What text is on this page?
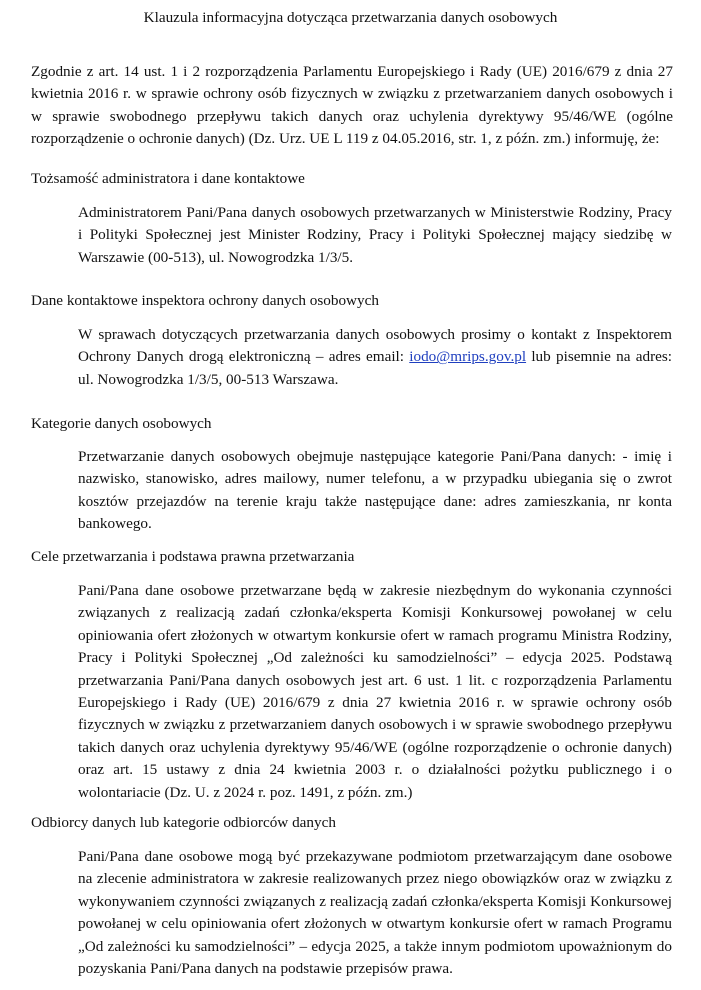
Klauzula informacyjna dotycząca przetwarzania danych osobowych
Zgodnie z art. 14 ust. 1 i 2 rozporządzenia Parlamentu Europejskiego i Rady (UE) 2016/679 z dnia 27 kwietnia 2016 r. w sprawie ochrony osób fizycznych w związku z przetwarzaniem danych osobowych i w sprawie swobodnego przepływu takich danych oraz uchylenia dyrektywy 95/46/WE (ogólne rozporządzenie o ochronie danych) (Dz. Urz. UE L 119 z 04.05.2016, str. 1, z późn. zm.) informuję, że:
Tożsamość administratora i dane kontaktowe
Administratorem Pani/Pana danych osobowych przetwarzanych w Ministerstwie Rodziny, Pracy i Polityki Społecznej jest Minister Rodziny, Pracy i Polityki Społecznej mający siedzibę w Warszawie (00-513), ul. Nowogrodzka 1/3/5.
Dane kontaktowe inspektora ochrony danych osobowych
W sprawach dotyczących przetwarzania danych osobowych prosimy o kontakt z Inspektorem Ochrony Danych drogą elektroniczną – adres email: iodo@mrips.gov.pl lub pisemnie na adres: ul. Nowogrodzka 1/3/5, 00-513 Warszawa.
Kategorie danych osobowych
Przetwarzanie danych osobowych obejmuje następujące kategorie Pani/Pana danych: - imię i nazwisko, stanowisko, adres mailowy, numer telefonu, a w przypadku ubiegania się o zwrot kosztów przejazdów na terenie kraju także następujące dane: adres zamieszkania, nr konta bankowego.
Cele przetwarzania i podstawa prawna przetwarzania
Pani/Pana dane osobowe przetwarzane będą w zakresie niezbędnym do wykonania czynności związanych z realizacją zadań członka/eksperta Komisji Konkursowej powołanej w celu opiniowania ofert złożonych w otwartym konkursie ofert w ramach programu Ministra Rodziny, Pracy i Polityki Społecznej „Od zależności ku samodzielności” – edycja 2025. Podstawą przetwarzania Pani/Pana danych osobowych jest art. 6 ust. 1 lit. c rozporządzenia Parlamentu Europejskiego i Rady (UE) 2016/679 z dnia 27 kwietnia 2016 r. w sprawie ochrony osób fizycznych w związku z przetwarzaniem danych osobowych i w sprawie swobodnego przepływu takich danych oraz uchylenia dyrektywy 95/46/WE (ogólne rozporządzenie o ochronie danych) oraz art. 15 ustawy z dnia 24 kwietnia 2003 r. o działalności pożytku publicznego i o wolontariacie (Dz. U. z 2024 r. poz. 1491, z późn. zm.)
Odbiorcy danych lub kategorie odbiorców danych
Pani/Pana dane osobowe mogą być przekazywane podmiotom przetwarzającym dane osobowe na zlecenie administratora w zakresie realizowanych przez niego obowiązków oraz w związku z wykonywaniem czynności związanych z realizacją zadań członka/eksperta Komisji Konkursowej powołanej w celu opiniowania ofert złożonych w otwartym konkursie ofert w ramach Programu „Od zależności ku samodzielności” – edycja 2025, a także innym podmiotom upoważnionym do pozyskania Pani/Pana danych na podstawie przepisów prawa.
